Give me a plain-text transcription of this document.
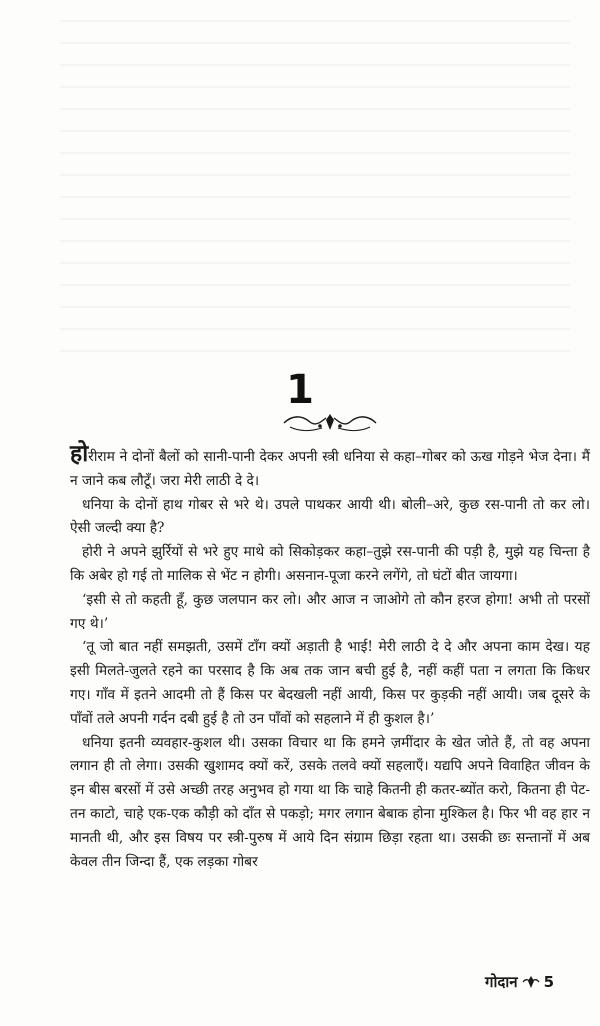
1

होरीराम ने दोनों बैलों को सानी-पानी देकर अपनी स्त्री धनिया से कहा–गोबर को ऊख गोड़ने भेज देना। मैं न जाने कब लौटूँ। जरा मेरी लाठी दे दे।

धनिया के दोनों हाथ गोबर से भरे थे। उपले पाथकर आयी थी। बोली–अरे, कुछ रस-पानी तो कर लो। ऐसी जल्दी क्या है?

होरी ने अपने झुर्रियों से भरे हुए माथे को सिकोड़कर कहा–तुझे रस-पानी की पड़ी है, मुझे यह चिन्ता है कि अबेर हो गई तो मालिक से भेंट न होगी। असनान-पूजा करने लगेंगे, तो घंटों बीत जायगा।

‘इसी से तो कहती हूँ, कुछ जलपान कर लो। और आज न जाओगे तो कौन हरज होगा! अभी तो परसों गए थे।’

‘तू जो बात नहीं समझती, उसमें टाँग क्यों अड़ाती है भाई! मेरी लाठी दे दे और अपना काम देख। यह इसी मिलते-जुलते रहने का परसाद है कि अब तक जान बची हुई है, नहीं कहीं पता न लगता कि किधर गए। गाँव में इतने आदमी तो हैं किस पर बेदखली नहीं आयी, किस पर कुड़की नहीं आयी। जब दूसरे के पाँवों तले अपनी गर्दन दबी हुई है तो उन पाँवों को सहलाने में ही कुशल है।’

धनिया इतनी व्यवहार-कुशल थी। उसका विचार था कि हमने ज़मींदार के खेत जोते हैं, तो वह अपना लगान ही तो लेगा। उसकी खुशामद क्यों करें, उसके तलवे क्यों सहलाएँ। यद्यपि अपने विवाहित जीवन के इन बीस बरसों में उसे अच्छी तरह अनुभव हो गया था कि चाहे कितनी ही कतर-ब्योंत करो, कितना ही पेट-तन काटो, चाहे एक-एक कौड़ी को दाँत से पकड़ो; मगर लगान बेबाक होना मुश्किल है। फिर भी वह हार न मानती थी, और इस विषय पर स्त्री-पुरुष में आये दिन संग्राम छिड़ा रहता था। उसकी छः सन्तानों में अब केवल तीन जिन्दा हैं, एक लड़का गोबर

गोदान 5
